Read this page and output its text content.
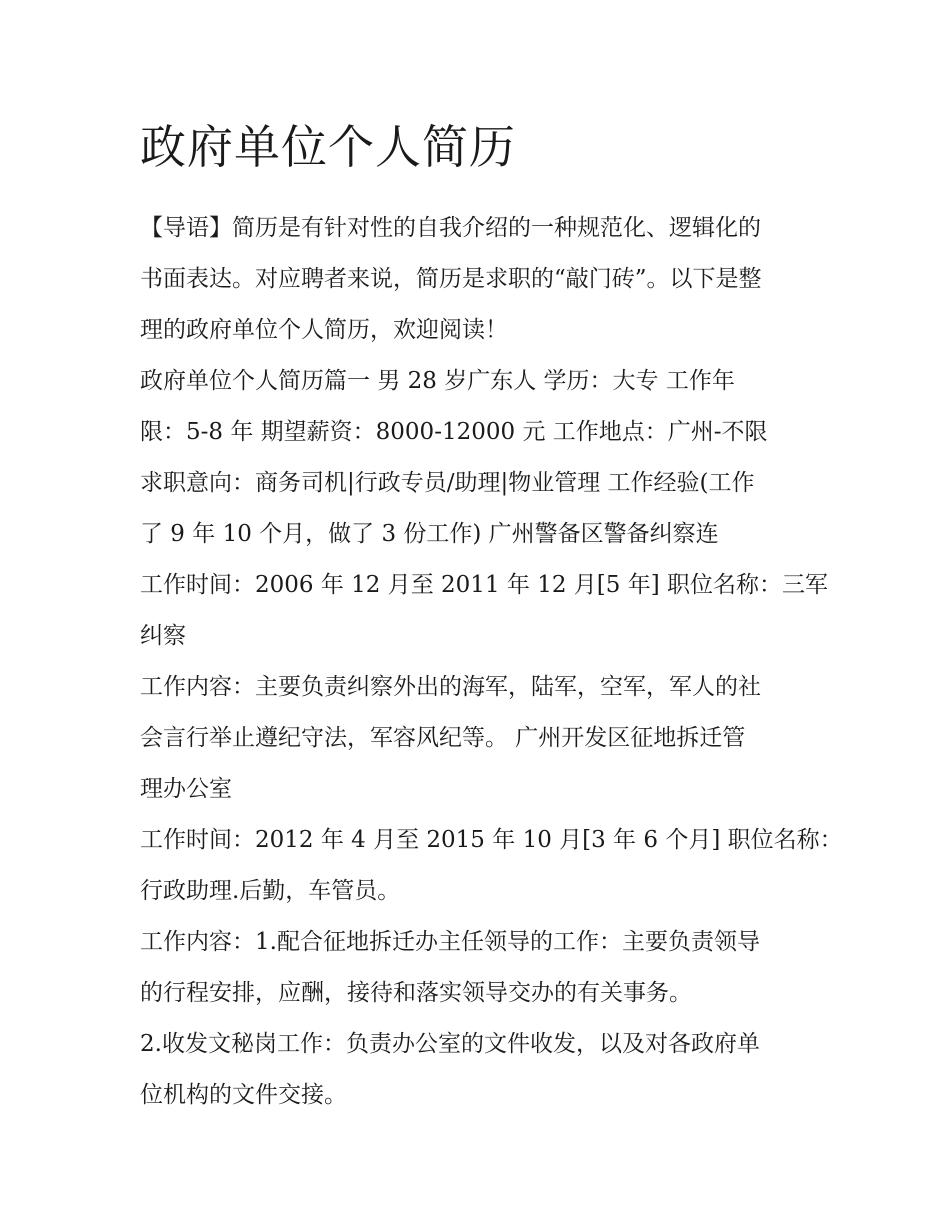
政府单位个人简历

【导语】简历是有针对性的自我介绍的一种规范化、逻辑化的

书面表达。对应聘者来说，简历是求职的“敲门砖”。以下是整

理的政府单位个人简历，欢迎阅读！

政府单位个人简历篇一 男 28 岁广东人 学历：大专 工作年

限：5-8 年 期望薪资：8000-12000 元 工作地点：广州-不限

求职意向：商务司机|行政专员/助理|物业管理 工作经验(工作

了 9 年 10 个月，做了 3 份工作) 广州警备区警备纠察连

工作时间：2006 年 12 月至 2011 年 12 月[5 年] 职位名称：三军

纠察

工作内容：主要负责纠察外出的海军，陆军，空军，军人的社

会言行举止遵纪守法，军容风纪等。 广州开发区征地拆迁管

理办公室

工作时间：2012 年 4 月至 2015 年 10 月[3 年 6 个月] 职位名称：

行政助理.后勤，车管员。

工作内容：1.配合征地拆迁办主任领导的工作：主要负责领导

的行程安排，应酬，接待和落实领导交办的有关事务。

2.收发文秘岗工作：负责办公室的文件收发，以及对各政府单

位机构的文件交接。
